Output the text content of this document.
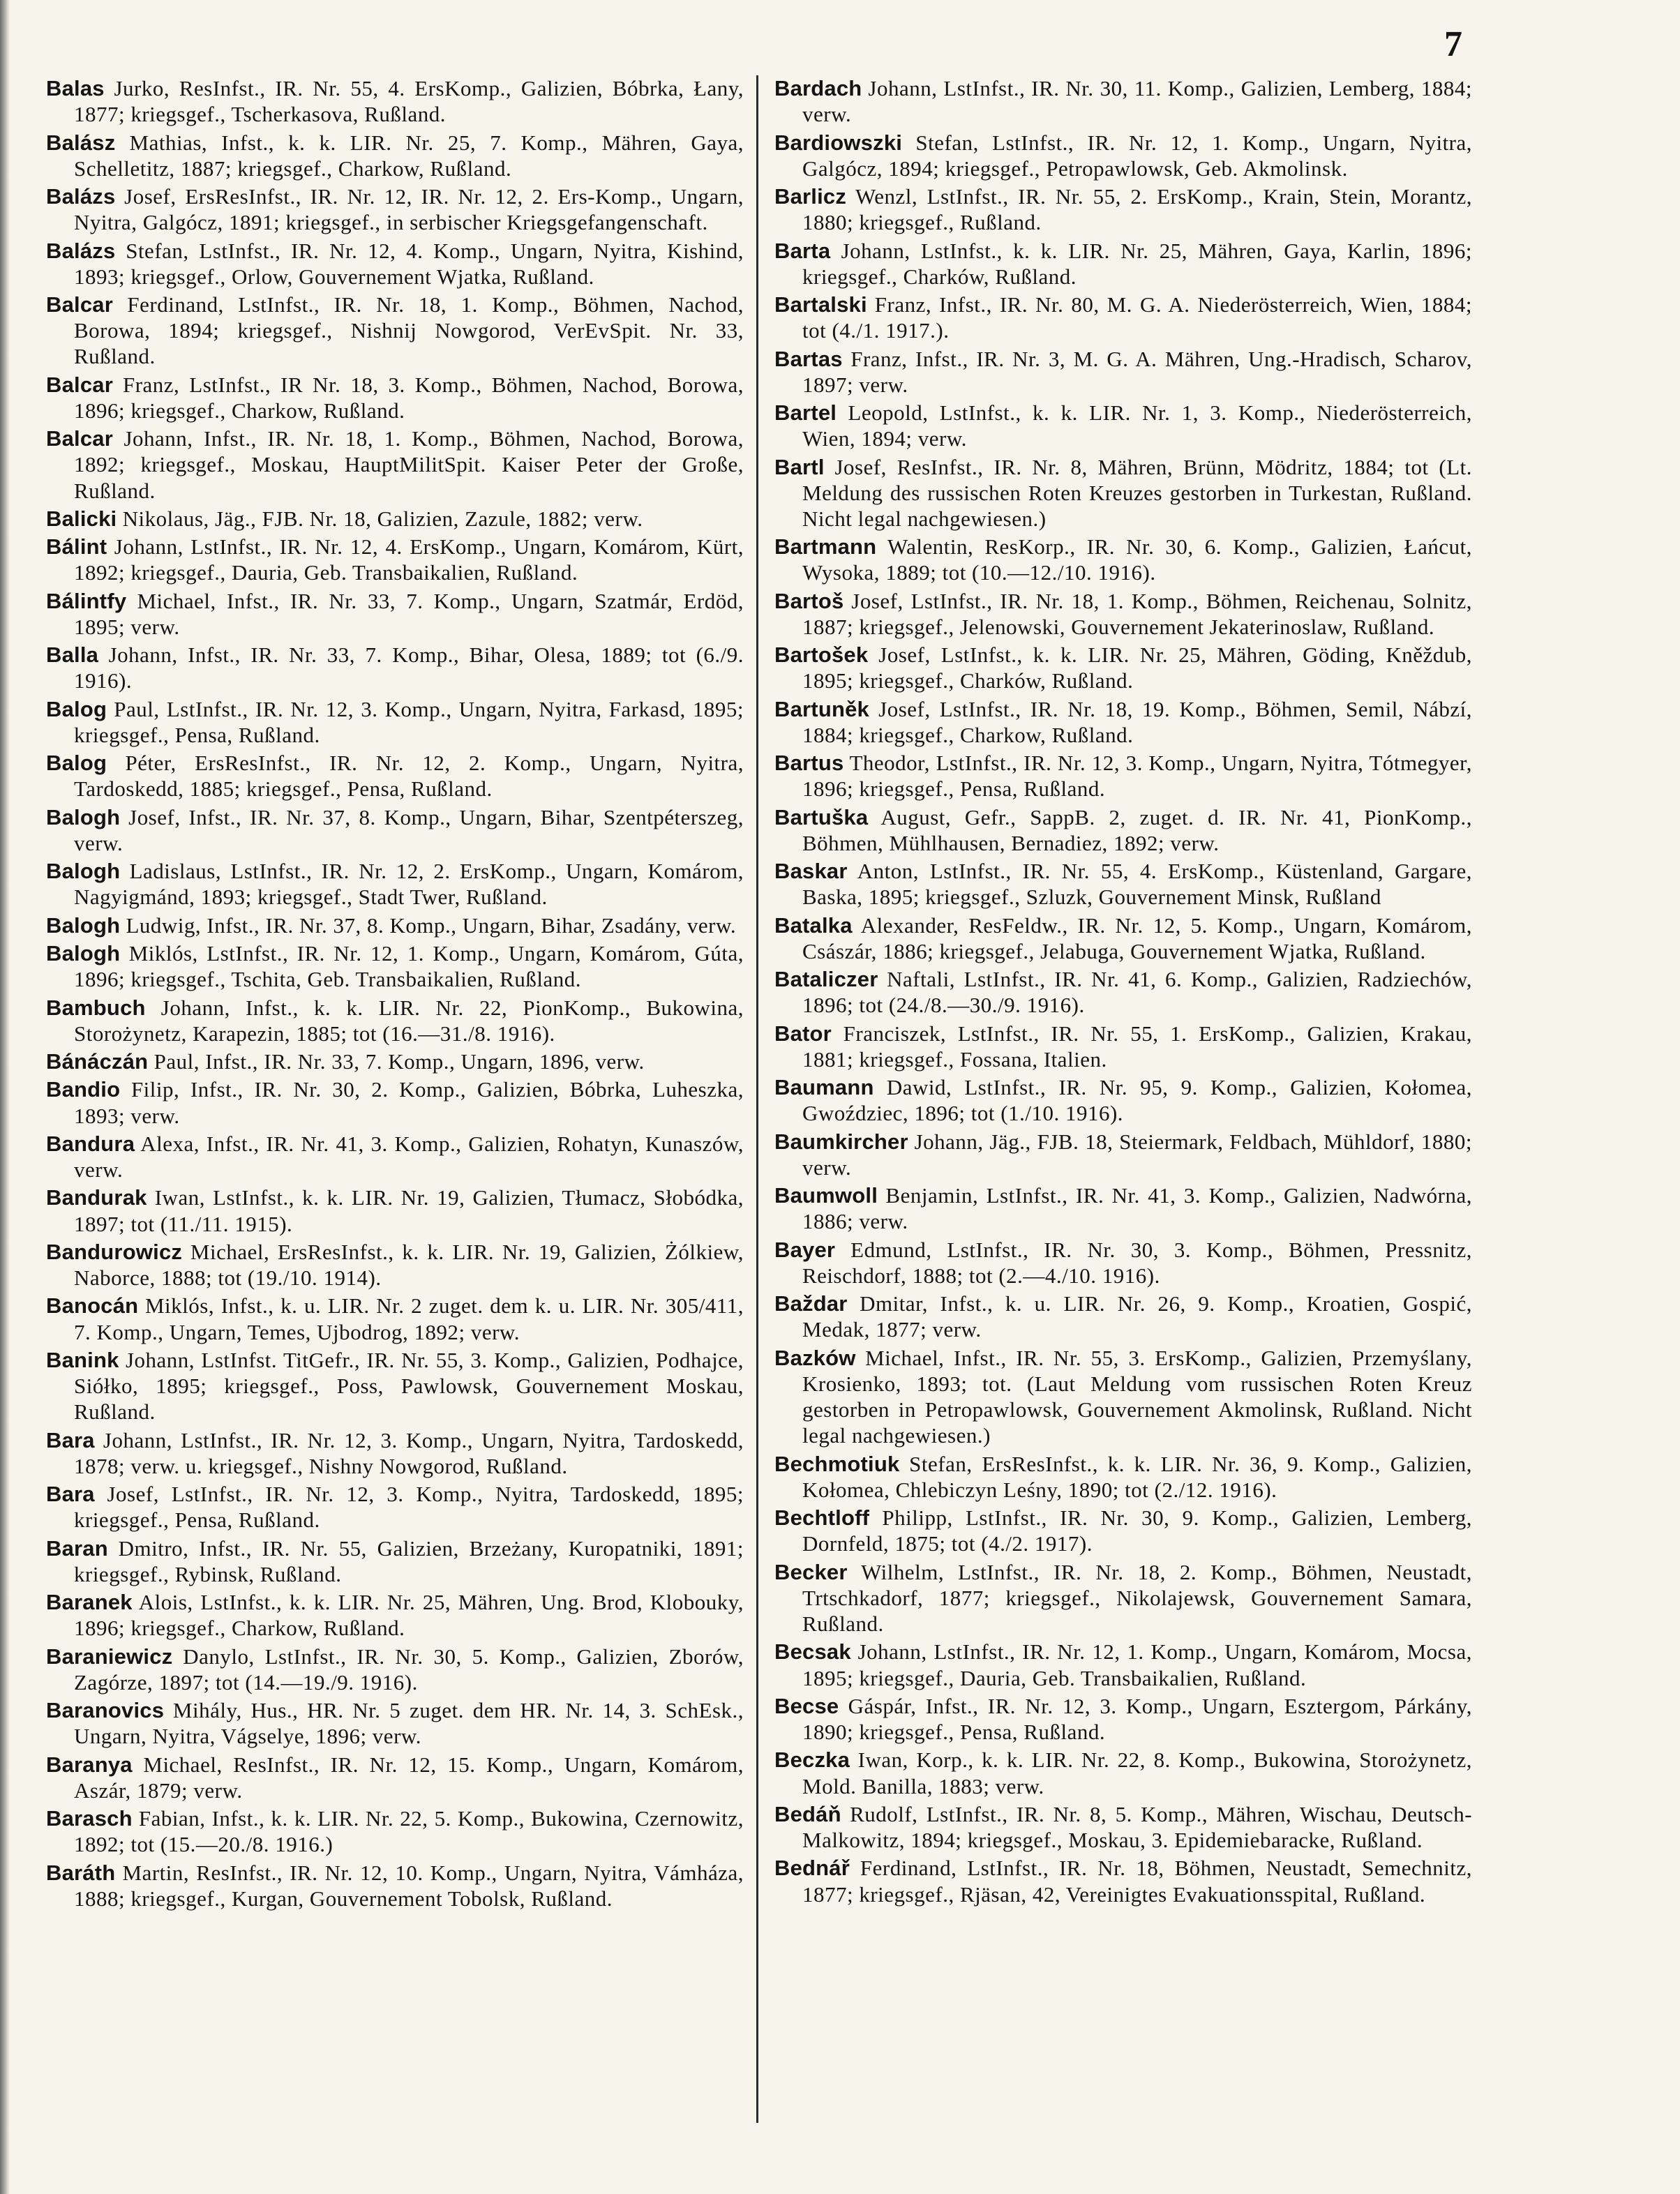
7

Balas Jurko, ResInfst., IR. Nr. 55, 4. ErsKomp., Galizien, Bóbrka, Łany, 1877; kriegsgef., Tscherkasova, Rußland.

Balász Mathias, Infst., k. k. LIR. Nr. 25, 7. Komp., Mähren, Gaya, Schelletitz, 1887; kriegsgef., Charkow, Rußland.

Balázs Josef, ErsResInfst., IR. Nr. 12, IR. Nr. 12, 2. Ers-Komp., Ungarn, Nyitra, Galgócz, 1891; kriegsgef., in serbischer Kriegsgefangenschaft.

Balázs Stefan, LstInfst., IR. Nr. 12, 4. Komp., Ungarn, Nyitra, Kishind, 1893; kriegsgef., Orlow, Gouvernement Wjatka, Rußland.

Balcar Ferdinand, LstInfst., IR. Nr. 18, 1. Komp., Böhmen, Nachod, Borowa, 1894; kriegsgef., Nishnij Nowgorod, VerEvSpit. Nr. 33, Rußland.

Balcar Franz, LstInfst., IR Nr. 18, 3. Komp., Böhmen, Nachod, Borowa, 1896; kriegsgef., Charkow, Rußland.

Balcar Johann, Infst., IR. Nr. 18, 1. Komp., Böhmen, Nachod, Borowa, 1892; kriegsgef., Moskau, HauptMilitSpit. Kaiser Peter der Große, Rußland.

Balicki Nikolaus, Jäg., FJB. Nr. 18, Galizien, Zazule, 1882; verw.

Bálint Johann, LstInfst., IR. Nr. 12, 4. ErsKomp., Ungarn, Komárom, Kürt, 1892; kriegsgef., Dauria, Geb. Transbaikalien, Rußland.

Bálintfy Michael, Infst., IR. Nr. 33, 7. Komp., Ungarn, Szatmár, Erdöd, 1895; verw.

Balla Johann, Infst., IR. Nr. 33, 7. Komp., Bihar, Olesa, 1889; tot (6./9. 1916).

Balog Paul, LstInfst., IR. Nr. 12, 3. Komp., Ungarn, Nyitra, Farkasd, 1895; kriegsgef., Pensa, Rußland.

Balog Péter, ErsResInfst., IR. Nr. 12, 2. Komp., Ungarn, Nyitra, Tardoskedd, 1885; kriegsgef., Pensa, Rußland.

Balogh Josef, Infst., IR. Nr. 37, 8. Komp., Ungarn, Bihar, Szentpéterszeg, verw.

Balogh Ladislaus, LstInfst., IR. Nr. 12, 2. ErsKomp., Ungarn, Komárom, Nagyigmánd, 1893; kriegsgef., Stadt Twer, Rußland.

Balogh Ludwig, Infst., IR. Nr. 37, 8. Komp., Ungarn, Bihar, Zsadány, verw.

Balogh Miklós, LstInfst., IR. Nr. 12, 1. Komp., Ungarn, Komárom, Gúta, 1896; kriegsgef., Tschita, Geb. Transbaikalien, Rußland.

Bambuch Johann, Infst., k. k. LIR. Nr. 22, PionKomp., Bukowina, Storożynetz, Karapezin, 1885; tot (16.—31./8. 1916).

Bánáczán Paul, Infst., IR. Nr. 33, 7. Komp., Ungarn, 1896, verw.

Bandio Filip, Infst., IR. Nr. 30, 2. Komp., Galizien, Bóbrka, Luheszka, 1893; verw.

Bandura Alexa, Infst., IR. Nr. 41, 3. Komp., Galizien, Rohatyn, Kunaszów, verw.

Bandurak Iwan, LstInfst., k. k. LIR. Nr. 19, Galizien, Tłumacz, Słobódka, 1897; tot (11./11. 1915).

Bandurowicz Michael, ErsResInfst., k. k. LIR. Nr. 19, Galizien, Żólkiew, Naborce, 1888; tot (19./10. 1914).

Banocán Miklós, Infst., k. u. LIR. Nr. 2 zuget. dem k. u. LIR. Nr. 305/411, 7. Komp., Ungarn, Temes, Ujbodrog, 1892; verw.

Banink Johann, LstInfst. TitGefr., IR. Nr. 55, 3. Komp., Galizien, Podhajce, Siółko, 1895; kriegsgef., Poss, Pawlowsk, Gouvernement Moskau, Rußland.

Bara Johann, LstInfst., IR. Nr. 12, 3. Komp., Ungarn, Nyitra, Tardoskedd, 1878; verw. u. kriegsgef., Nishny Nowgorod, Rußland.

Bara Josef, LstInfst., IR. Nr. 12, 3. Komp., Nyitra, Tardoskedd, 1895; kriegsgef., Pensa, Rußland.

Baran Dmitro, Infst., IR. Nr. 55, Galizien, Brzeżany, Kuropatniki, 1891; kriegsgef., Rybinsk, Rußland.

Baranek Alois, LstInfst., k. k. LIR. Nr. 25, Mähren, Ung. Brod, Klobouky, 1896; kriegsgef., Charkow, Rußland.

Baraniewicz Danylo, LstInfst., IR. Nr. 30, 5. Komp., Galizien, Zborów, Zagórze, 1897; tot (14.—19./9. 1916).

Baranovics Mihály, Hus., HR. Nr. 5 zuget. dem HR. Nr. 14, 3. SchEsk., Ungarn, Nyitra, Vágselye, 1896; verw.

Baranya Michael, ResInfst., IR. Nr. 12, 15. Komp., Ungarn, Komárom, Aszár, 1879; verw.

Barasch Fabian, Infst., k. k. LIR. Nr. 22, 5. Komp., Bukowina, Czernowitz, 1892; tot (15.—20./8. 1916.)

Baráth Martin, ResInfst., IR. Nr. 12, 10. Komp., Ungarn, Nyitra, Vámháza, 1888; kriegsgef., Kurgan, Gouvernement Tobolsk, Rußland.

Bardach Johann, LstInfst., IR. Nr. 30, 11. Komp., Galizien, Lemberg, 1884; verw.

Bardiowszki Stefan, LstInfst., IR. Nr. 12, 1. Komp., Ungarn, Nyitra, Galgócz, 1894; kriegsgef., Petropawlowsk, Geb. Akmolinsk.

Barlicz Wenzl, LstInfst., IR. Nr. 55, 2. ErsKomp., Krain, Stein, Morantz, 1880; kriegsgef., Rußland.

Barta Johann, LstInfst., k. k. LIR. Nr. 25, Mähren, Gaya, Karlin, 1896; kriegsgef., Charków, Rußland.

Bartalski Franz, Infst., IR. Nr. 80, M. G. A. Niederösterreich, Wien, 1884; tot (4./1. 1917.).

Bartas Franz, Infst., IR. Nr. 3, M. G. A. Mähren, Ung.-Hradisch, Scharov, 1897; verw.

Bartel Leopold, LstInfst., k. k. LIR. Nr. 1, 3. Komp., Niederösterreich, Wien, 1894; verw.

Bartl Josef, ResInfst., IR. Nr. 8, Mähren, Brünn, Mödritz, 1884; tot (Lt. Meldung des russischen Roten Kreuzes gestorben in Turkestan, Rußland. Nicht legal nachgewiesen.)

Bartmann Walentin, ResKorp., IR. Nr. 30, 6. Komp., Galizien, Łańcut, Wysoka, 1889; tot (10.—12./10. 1916).

Bartoš Josef, LstInfst., IR. Nr. 18, 1. Komp., Böhmen, Reichenau, Solnitz, 1887; kriegsgef., Jelenowski, Gouvernement Jekaterinoslaw, Rußland.

Bartošek Josef, LstInfst., k. k. LIR. Nr. 25, Mähren, Göding, Kněždub, 1895; kriegsgef., Charków, Rußland.

Bartuněk Josef, LstInfst., IR. Nr. 18, 19. Komp., Böhmen, Semil, Nábzí, 1884; kriegsgef., Charkow, Rußland.

Bartus Theodor, LstInfst., IR. Nr. 12, 3. Komp., Ungarn, Nyitra, Tótmegyer, 1896; kriegsgef., Pensa, Rußland.

Bartuška August, Gefr., SappB. 2, zuget. d. IR. Nr. 41, PionKomp., Böhmen, Mühlhausen, Bernadiez, 1892; verw.

Baskar Anton, LstInfst., IR. Nr. 55, 4. ErsKomp., Küstenland, Gargare, Baska, 1895; kriegsgef., Szluzk, Gouvernement Minsk, Rußland

Batalka Alexander, ResFeldw., IR. Nr. 12, 5. Komp., Ungarn, Komárom, Császár, 1886; kriegsgef., Jelabuga, Gouvernement Wjatka, Rußland.

Bataliczer Naftali, LstInfst., IR. Nr. 41, 6. Komp., Galizien, Radziechów, 1896; tot (24./8.—30./9. 1916).

Bator Franciszek, LstInfst., IR. Nr. 55, 1. ErsKomp., Galizien, Krakau, 1881; kriegsgef., Fossana, Italien.

Baumann Dawid, LstInfst., IR. Nr. 95, 9. Komp., Galizien, Kołomea, Gwoździec, 1896; tot (1./10. 1916).

Baumkircher Johann, Jäg., FJB. 18, Steiermark, Feldbach, Mühldorf, 1880; verw.

Baumwoll Benjamin, LstInfst., IR. Nr. 41, 3. Komp., Galizien, Nadwórna, 1886; verw.

Bayer Edmund, LstInfst., IR. Nr. 30, 3. Komp., Böhmen, Pressnitz, Reischdorf, 1888; tot (2.—4./10. 1916).

Baždar Dmitar, Infst., k. u. LIR. Nr. 26, 9. Komp., Kroatien, Gospić, Medak, 1877; verw.

Bazków Michael, Infst., IR. Nr. 55, 3. ErsKomp., Galizien, Przemyślany, Krosienko, 1893; tot. (Laut Meldung vom russischen Roten Kreuz gestorben in Petropawlowsk, Gouvernement Akmolinsk, Rußland. Nicht legal nachgewiesen.)

Bechmotiuk Stefan, ErsResInfst., k. k. LIR. Nr. 36, 9. Komp., Galizien, Kołomea, Chlebiczyn Leśny, 1890; tot (2./12. 1916).

Bechtloff Philipp, LstInfst., IR. Nr. 30, 9. Komp., Galizien, Lemberg, Dornfeld, 1875; tot (4./2. 1917).

Becker Wilhelm, LstInfst., IR. Nr. 18, 2. Komp., Böhmen, Neustadt, Trtschkadorf, 1877; kriegsgef., Nikolajewsk, Gouvernement Samara, Rußland.

Becsak Johann, LstInfst., IR. Nr. 12, 1. Komp., Ungarn, Komárom, Mocsa, 1895; kriegsgef., Dauria, Geb. Transbaikalien, Rußland.

Becse Gáspár, Infst., IR. Nr. 12, 3. Komp., Ungarn, Esztergom, Párkány, 1890; kriegsgef., Pensa, Rußland.

Beczka Iwan, Korp., k. k. LIR. Nr. 22, 8. Komp., Bukowina, Storożynetz, Mold. Banilla, 1883; verw.

Bedáň Rudolf, LstInfst., IR. Nr. 8, 5. Komp., Mähren, Wischau, Deutsch-Malkowitz, 1894; kriegsgef., Moskau, 3. Epidemiebaracke, Rußland.

Bednář Ferdinand, LstInfst., IR. Nr. 18, Böhmen, Neustadt, Semechnitz, 1877; kriegsgef., Rjäsan, 42, Vereinigtes Evakuationsspital, Rußland.
